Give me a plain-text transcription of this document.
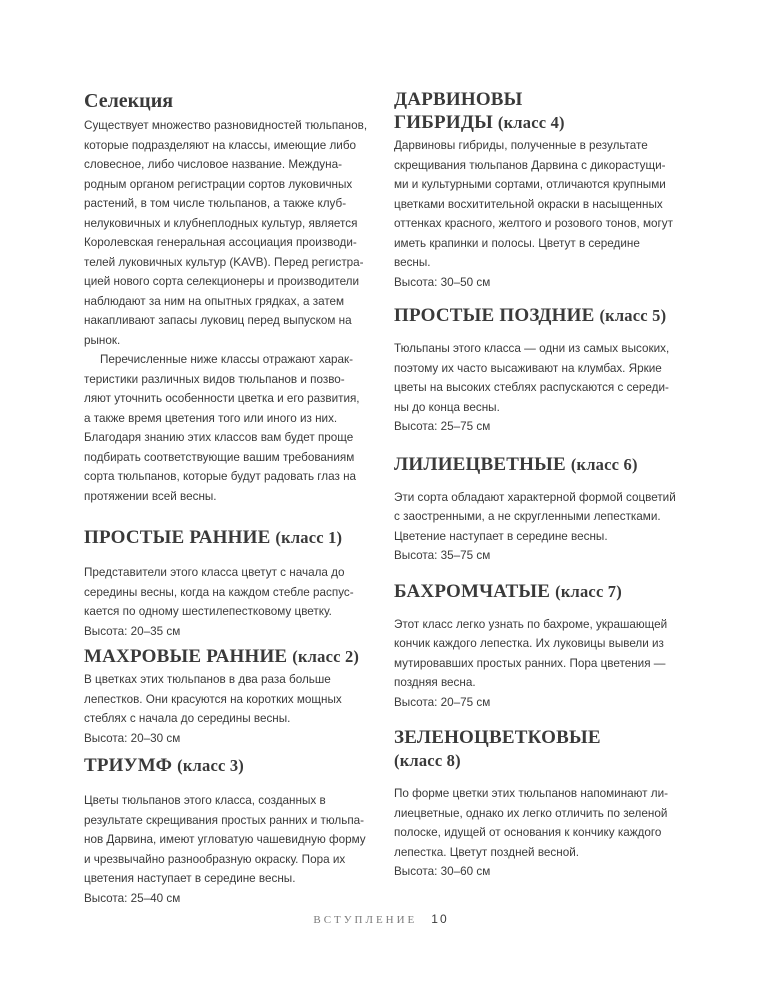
Селекция

Существует множество разновидностей тюльпанов,
которые подразделяют на классы, имеющие либо
словесное, либо числовое название. Междуна-
родным органом регистрации сортов луковичных
растений, в том числе тюльпанов, а также клуб-
нелуковичных и клубнеплодных культур, является
Королевская генеральная ассоциация производи-
телей луковичных культур (KAVB). Перед регистра-
цией нового сорта селекционеры и производители
наблюдают за ним на опытных грядках, а затем
накапливают запасы луковиц перед выпуском на
рынок.

Перечисленные ниже классы отражают харак-
теристики различных видов тюльпанов и позво-
ляют уточнить особенности цветка и его развития,
а также время цветения того или иного из них.
Благодаря знанию этих классов вам будет проще
подбирать соответствующие вашим требованиям
сорта тюльпанов, которые будут радовать глаз на
протяжении всей весны.

ПРОСТЫЕ РАННИЕ (класс 1)

Представители этого класса цветут с начала до
середины весны, когда на каждом стебле распус-
кается по одному шестилепестковому цветку.

Высота: 20–35 см

МАХРОВЫЕ РАННИЕ (класс 2)

В цветках этих тюльпанов в два раза больше
лепестков. Они красуются на коротких мощных
стеблях с начала до середины весны.

Высота: 20–30 см

ТРИУМФ (класс 3)

Цветы тюльпанов этого класса, созданных в
результате скрещивания простых ранних и тюльпа-
нов Дарвина, имеют угловатую чашевидную форму
и чрезвычайно разнообразную окраску. Пора их
цветения наступает в середине весны.

Высота: 25–40 см

ДАРВИНОВЫ
ГИБРИДЫ (класс 4)

Дарвиновы гибриды, полученные в результате
скрещивания тюльпанов Дарвина с дикорастущи-
ми и культурными сортами, отличаются крупными
цветками восхитительной окраски в насыщенных
оттенках красного, желтого и розового тонов, могут
иметь крапинки и полосы. Цветут в середине
весны.

Высота: 30–50 см

ПРОСТЫЕ ПОЗДНИЕ (класс 5)

Тюльпаны этого класса — одни из самых высоких,
поэтому их часто высаживают на клумбах. Яркие
цветы на высоких стеблях распускаются с середи-
ны до конца весны.

Высота: 25–75 см

ЛИЛИЕЦВЕТНЫЕ (класс 6)

Эти сорта обладают характерной формой соцветий
с заостренными, а не скругленными лепестками.
Цветение наступает в середине весны.

Высота: 35–75 см

БАХРОМЧАТЫЕ (класс 7)

Этот класс легко узнать по бахроме, украшающей
кончик каждого лепестка. Их луковицы вывели из
мутировавших простых ранних. Пора цветения —
поздняя весна.

Высота: 20–75 см

ЗЕЛЕНОЦВЕТКОВЫЕ
(класс 8)

По форме цветки этих тюльпанов напоминают ли-
лиецветные, однако их легко отличить по зеленой
полоске, идущей от основания к кончику каждого
лепестка. Цветут поздней весной.

Высота: 30–60 см

ВСТУПЛЕНИЕ 10
